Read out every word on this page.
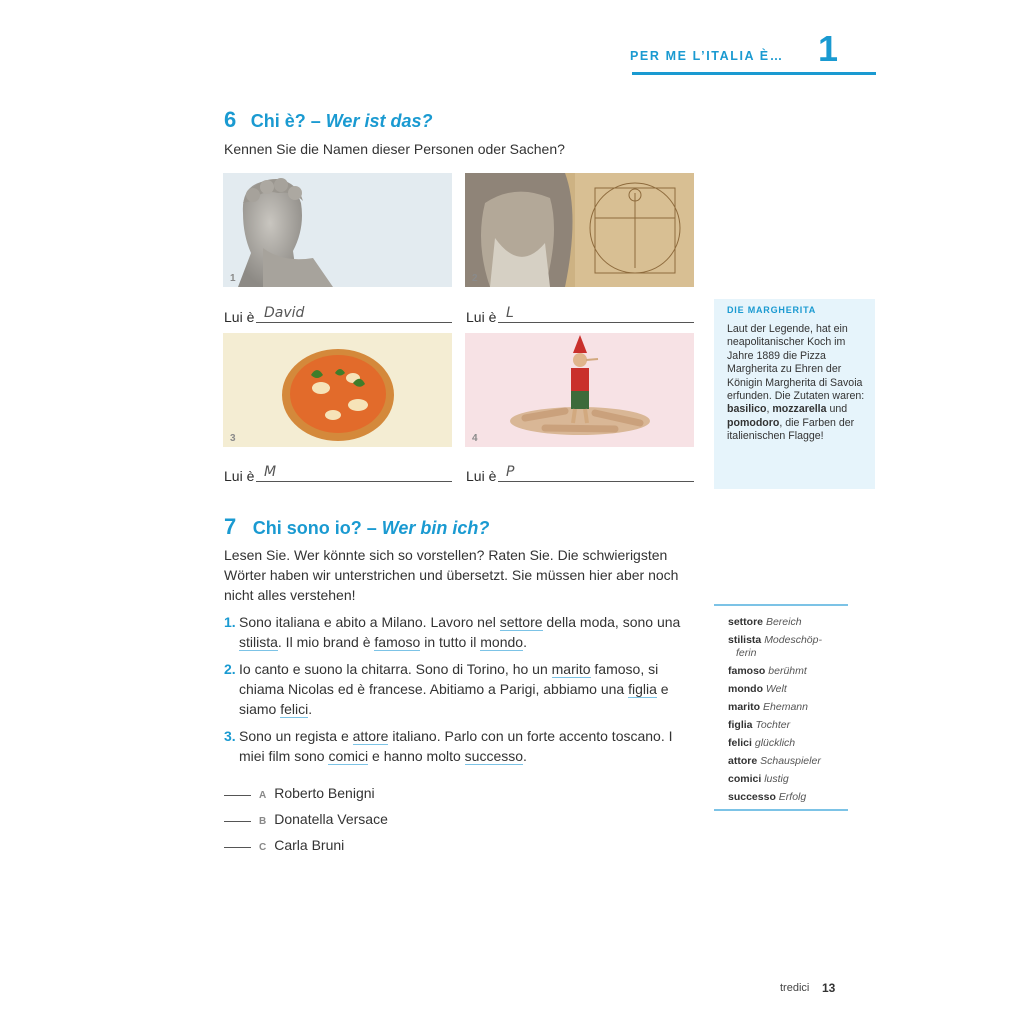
PER ME L’ITALIA È… 1
6 Chi è? – Wer ist das?
Kennen Sie die Namen dieser Personen oder Sachen?
1	2
Lui è David	Lui è L
3	4
Lui è M	Lui è P
DIE MARGHERITA
Laut der Legende, hat ein neapolitanischer Koch im Jahre 1889 die Pizza Margherita zu Ehren der Königin Margherita di Savoia erfunden. Die Zutaten waren: basilico, mozzarella und pomodoro, die Farben der italienischen Flagge!
7 Chi sono io? – Wer bin ich?
Lesen Sie. Wer könnte sich so vorstellen? Raten Sie. Die schwierigsten Wörter haben wir unterstrichen und übersetzt. Sie müssen hier aber noch nicht alles verstehen!
1. Sono italiana e abito a Milano. Lavoro nel settore della moda, sono una stilista. Il mio brand è famoso in tutto il mondo.
2. Io canto e suono la chitarra. Sono di Torino, ho un marito famoso, si chiama Nicolas ed è francese. Abitiamo a Parigi, abbiamo una figlia e siamo felici.
3. Sono un regista e attore italiano. Parlo con un forte accento toscano. I miei film sono comici e hanno molto successo.
A Roberto Benigni
B Donatella Versace
C Carla Bruni
settore Bereich
stilista Modeschöp-
ferin
famoso berühmt
mondo Welt
marito Ehemann
figlia Tochter
felici glücklich
attore Schauspieler
comici lustig
successo Erfolg
tredici 13
